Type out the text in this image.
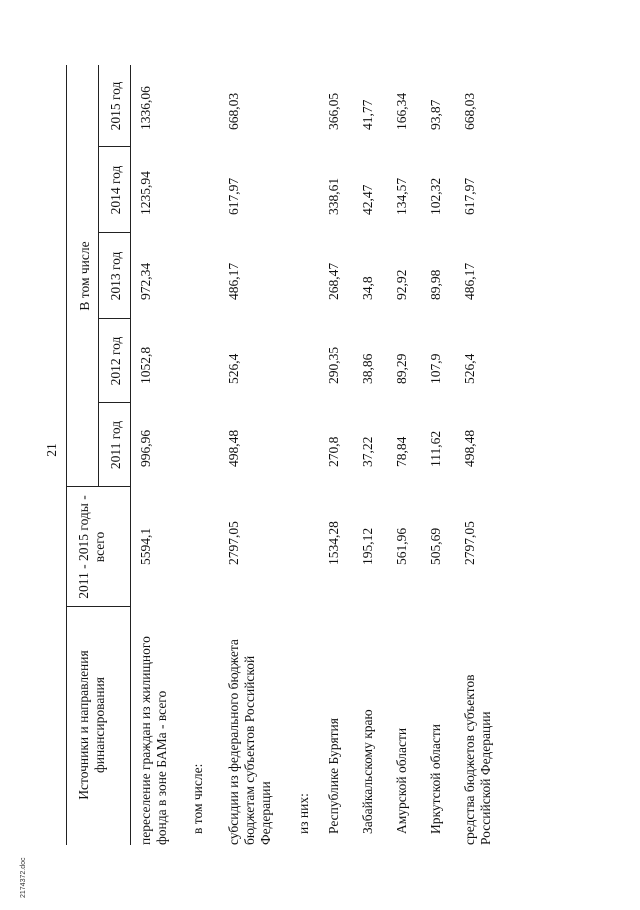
21
Источники и направления финансирования
2011 - 2015 годы - всего
В том числе
2011 год
2012 год
2013 год
2014 год
2015 год
переселение граждан из жилищного фонда в зоне БАМа - всего
5594,1
996,96
1052,8
972,34
1235,94
1336,06
в том числе: субсидии из федерального бюджета бюджетам субъектов Российской Федерации
2797,05
498,48
526,4
486,17
617,97
668,03
из них: Республике Бурятия
1534,28
270,8
290,35
268,47
338,61
366,05
Забайкальскому краю
195,12
37,22
38,86
34,8
42,47
41,77
Амурской области
561,96
78,84
89,29
92,92
134,57
166,34
Иркутской области
505,69
111,62
107,9
89,98
102,32
93,87
средства бюджетов субъектов Российской Федерации
2797,05
498,48
526,4
486,17
617,97
668,03
2174372.doc
